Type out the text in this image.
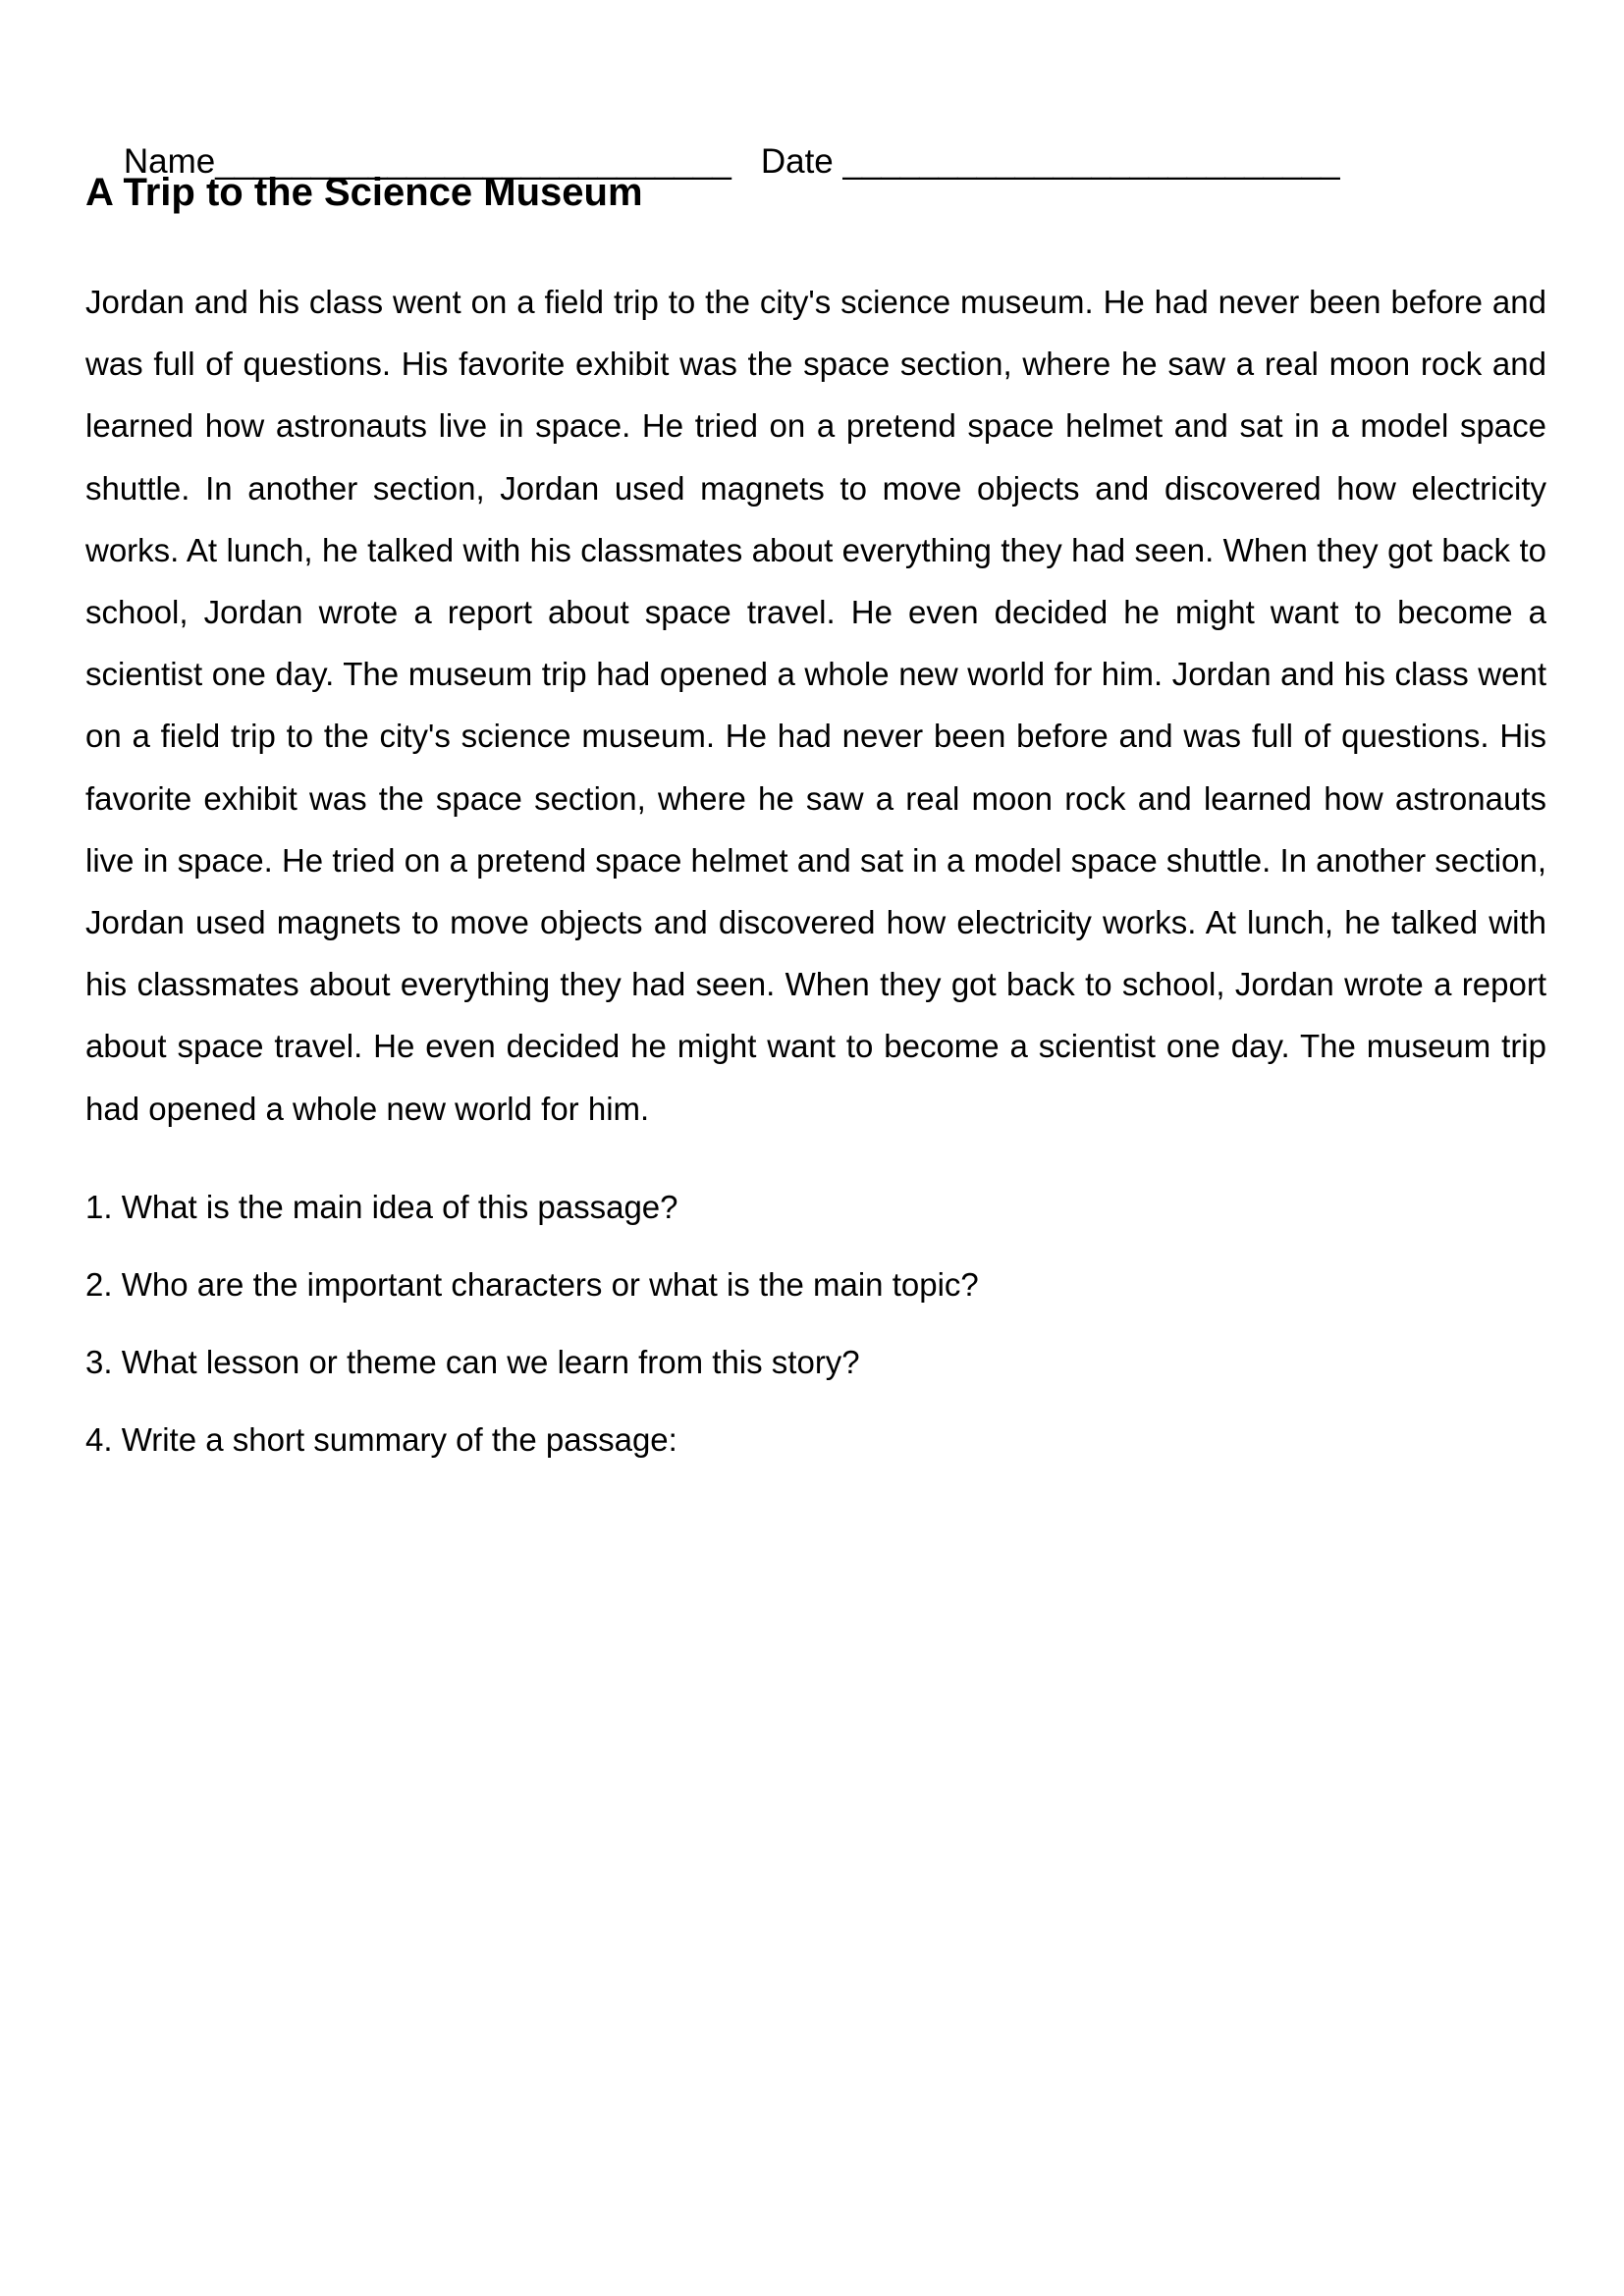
Name___________________________ Date __________________________

A Trip to the Science Museum

Jordan and his class went on a field trip to the city's science museum. He had never been before and was full of questions. His favorite exhibit was the space section, where he saw a real moon rock and learned how astronauts live in space. He tried on a pretend space helmet and sat in a model space shuttle. In another section, Jordan used magnets to move objects and discovered how electricity works. At lunch, he talked with his classmates about everything they had seen. When they got back to school, Jordan wrote a report about space travel. He even decided he might want to become a scientist one day. The museum trip had opened a whole new world for him. Jordan and his class went on a field trip to the city's science museum. He had never been before and was full of questions. His favorite exhibit was the space section, where he saw a real moon rock and learned how astronauts live in space. He tried on a pretend space helmet and sat in a model space shuttle. In another section, Jordan used magnets to move objects and discovered how electricity works. At lunch, he talked with his classmates about everything they had seen. When they got back to school, Jordan wrote a report about space travel. He even decided he might want to become a scientist one day. The museum trip had opened a whole new world for him.

1. What is the main idea of this passage?
2. Who are the important characters or what is the main topic?
3. What lesson or theme can we learn from this story?
4. Write a short summary of the passage:
